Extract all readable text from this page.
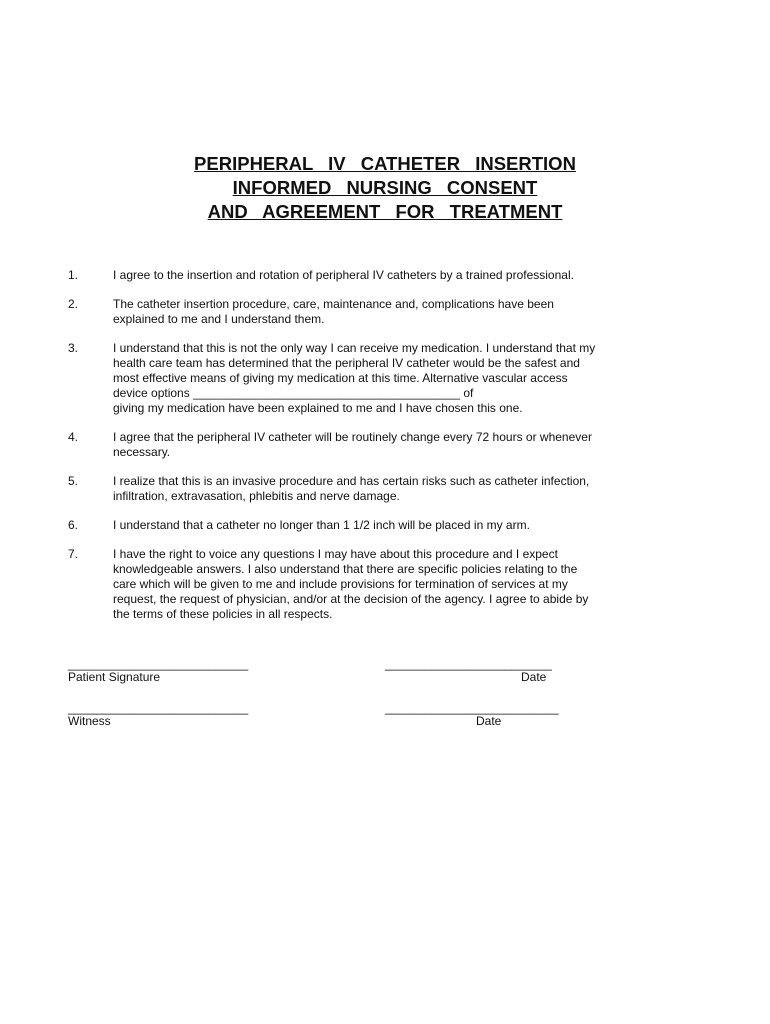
PERIPHERAL IV CATHETER INSERTION
INFORMED NURSING CONSENT
AND AGREEMENT FOR TREATMENT
1.	I agree to the insertion and rotation of peripheral IV catheters by a trained professional.
2.	The catheter insertion procedure, care, maintenance and, complications have been explained to me and I understand them.
3.	I understand that this is not the only way I can receive my medication. I understand that my health care team has determined that the peripheral IV catheter would be the safest and most effective means of giving my medication at this time. Alternative vascular access device options ________________________________________ of
giving my medication have been explained to me and I have chosen this one.
4.	I agree that the peripheral IV catheter will be routinely change every 72 hours or whenever necessary.
5.	I realize that this is an invasive procedure and has certain risks such as catheter infection, infiltration, extravasation, phlebitis and nerve damage.
6.	I understand that a catheter no longer than 1 1/2 inch will be placed in my arm.
7.	I have the right to voice any questions I may have about this procedure and I expect knowledgeable answers. I also understand that there are specific policies relating to the care which will be given to me and include provisions for termination of services at my request, the request of physician, and/or at the decision of the agency. I agree to abide by the terms of these policies in all respects.
___________________________
Patient Signature
_________________________
Date
___________________________
Witness
__________________________
Date
